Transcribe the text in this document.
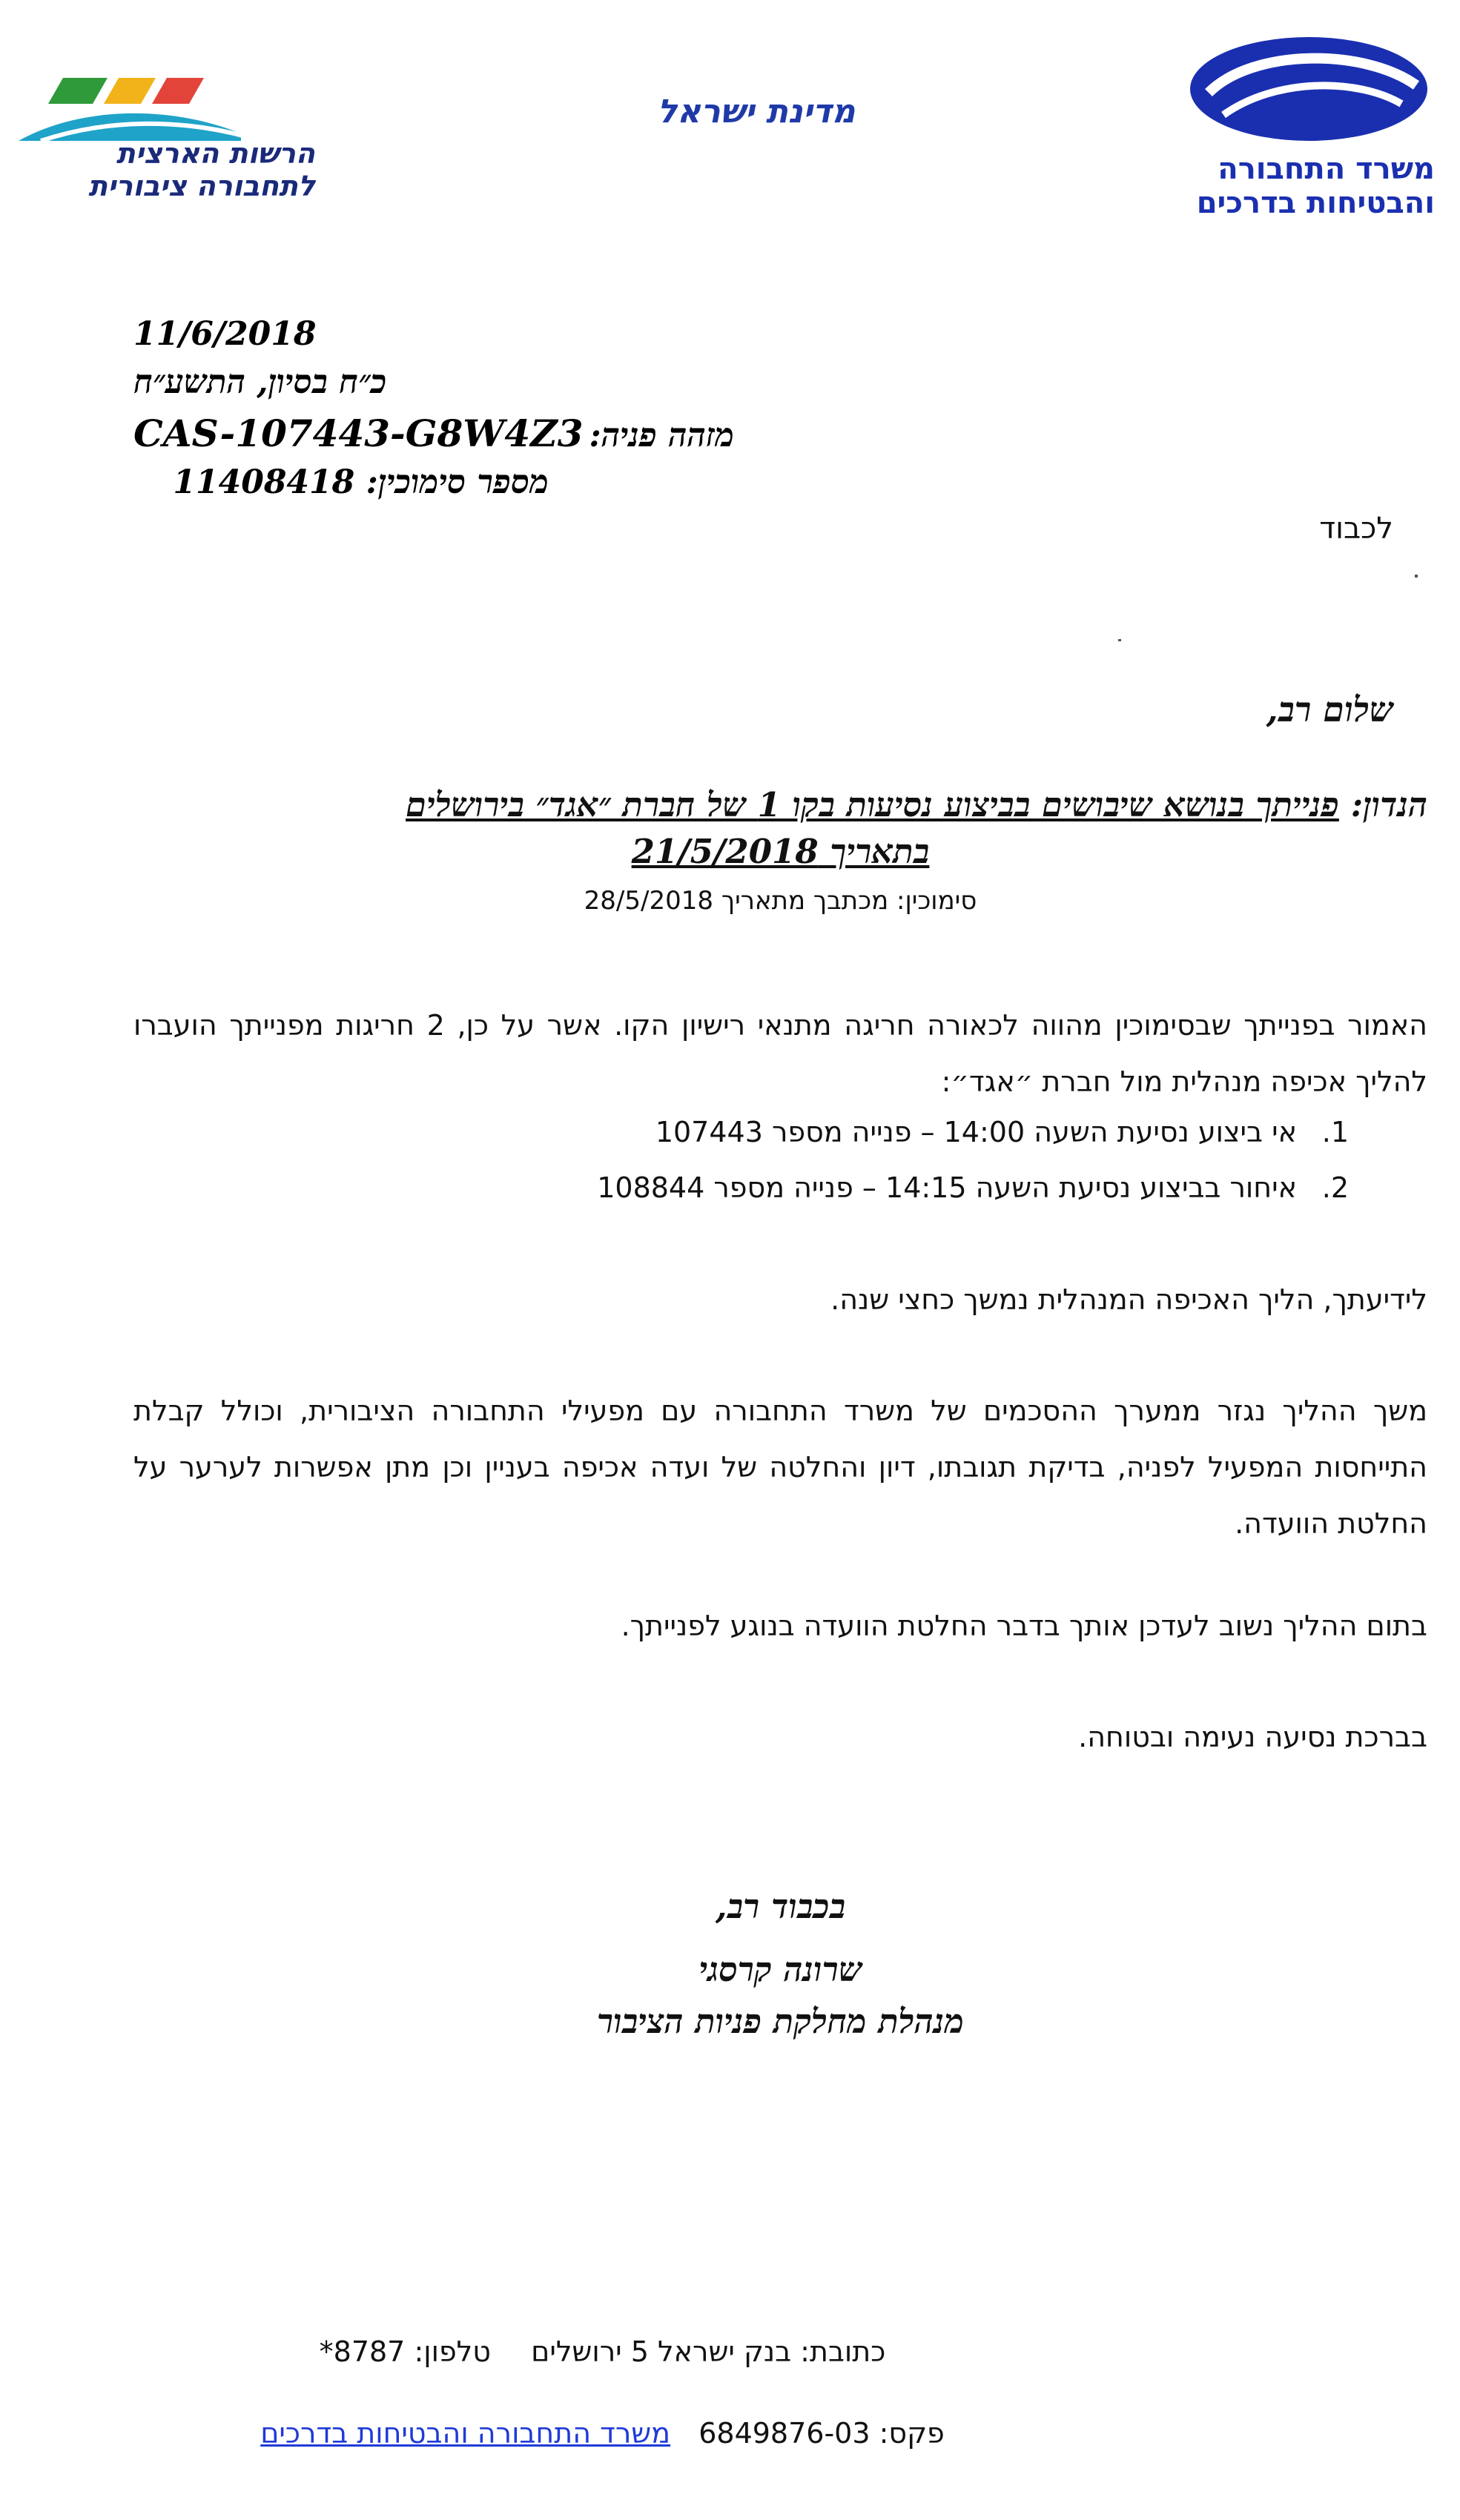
מדינת ישראל
הרשות הארצית לתחבורה ציבורית	משרד התחבורה והבטיחות בדרכים
11/6/2018
כ״ח בסיון, התשע״ח
CAS-107443-G8W4Z3 מזהה פניה:
מספר סימוכין: 11408418
לכבוד
שלום רב,
הנדון: פנייתך בנושא שיבושים בביצוע נסיעות בקו 1 של חברת ״אגד״ בירושלים
בתאריך 21/5/2018
סימוכין: מכתבך מתאריך 28/5/2018
האמור בפנייתך שבסימוכין מהווה לכאורה חריגה מתנאי רישיון הקו. אשר על כן, 2 חריגות מפנייתך הועברו להליך אכיפה מנהלית מול חברת ״אגד״:
1.אי ביצוע נסיעת השעה 14:00 – פנייה מספר 107443
2.איחור בביצוע נסיעת השעה 14:15 – פנייה מספר 108844
לידיעתך, הליך האכיפה המנהלית נמשך כחצי שנה.
משך ההליך נגזר ממערך ההסכמים של משרד התחבורה עם מפעילי התחבורה הציבורית, וכולל קבלת התייחסות המפעיל לפניה, בדיקת תגובתו, דיון והחלטה של ועדה אכיפה בעניין וכן מתן אפשרות לערער על החלטת הוועדה.
בתום ההליך נשוב לעדכן אותך בדבר החלטת הוועדה בנוגע לפנייתך.
בברכת נסיעה נעימה ובטוחה.
בכבוד רב,
שרונה קרסגי
מנהלת מחלקת פניות הציבור
כתובת: בנק ישראל 5 ירושלים  טלפון: 8787*
פקס: 6849876-03  משרד התחבורה והבטיחות בדרכים
